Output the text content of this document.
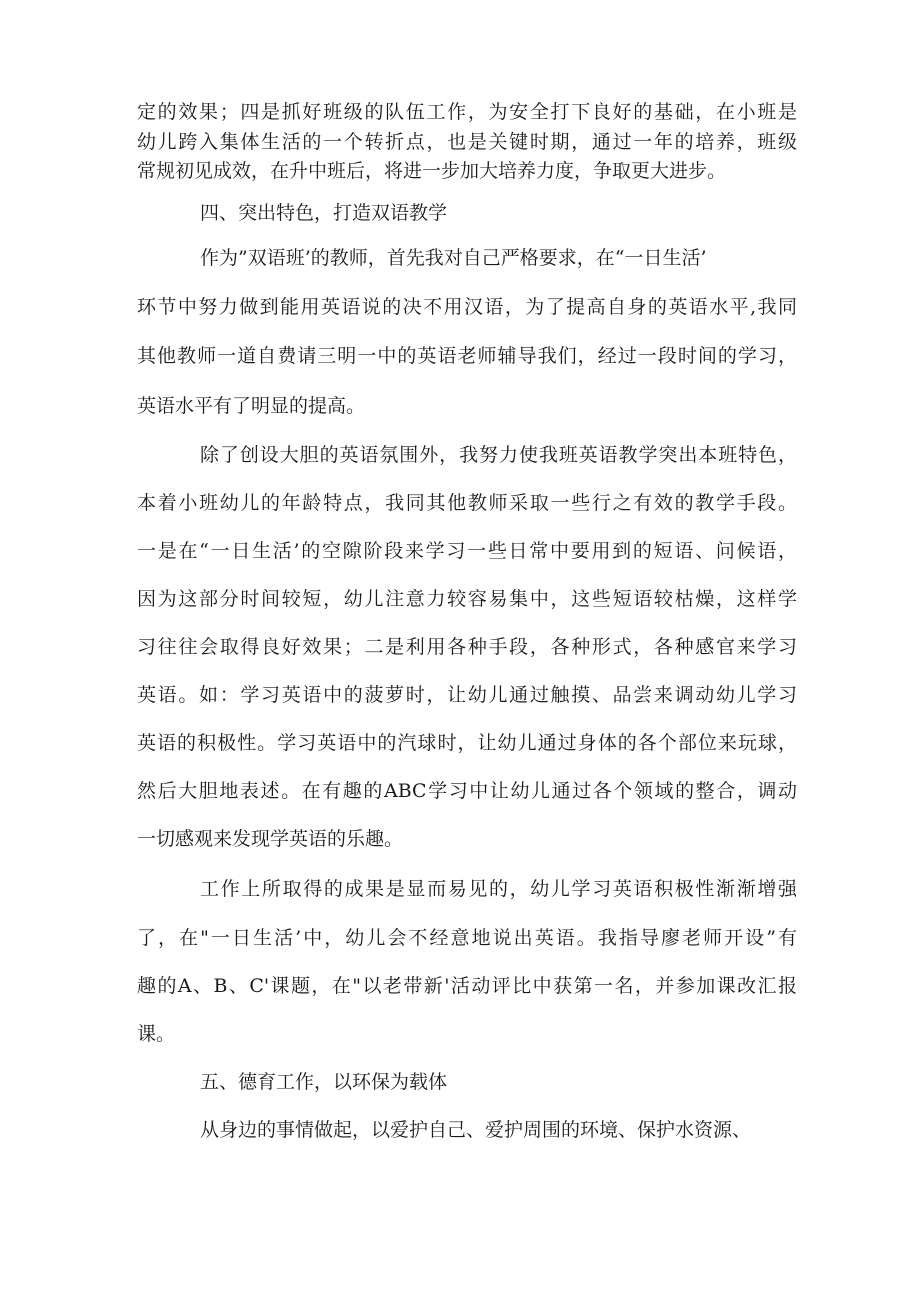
定的效果；四是抓好班级的队伍工作，为安全打下良好的基础，在小班是
幼儿跨入集体生活的一个转折点，也是关键时期，通过一年的培养，班级
常规初见成效，在升中班后，将进一步加大培养力度，争取更大进步。
四、突出特色，打造双语教学
作为”双语班’的教师，首先我对自己严格要求，在“一日生活’
环节中努力做到能用英语说的决不用汉语，为了提高自身的英语水平,我同
其他教师一道自费请三明一中的英语老师辅导我们，经过一段时间的学习，
英语水平有了明显的提高。
除了创设大胆的英语氛围外，我努力使我班英语教学突出本班特色，
本着小班幼儿的年龄特点，我同其他教师采取一些行之有效的教学手段。
一是在“一日生活’的空隙阶段来学习一些日常中要用到的短语、问候语，
因为这部分时间较短，幼儿注意力较容易集中，这些短语较枯燥，这样学
习往往会取得良好效果；二是利用各种手段，各种形式，各种感官来学习
英语。如：学习英语中的菠萝时，让幼儿通过触摸、品尝来调动幼儿学习
英语的积极性。学习英语中的汽球时，让幼儿通过身体的各个部位来玩球，
然后大胆地表述。在有趣的ABC学习中让幼儿通过各个领域的整合，调动
一切感观来发现学英语的乐趣。
工作上所取得的成果是显而易见的，幼儿学习英语积极性渐渐增强
了，在"一日生活’中，幼儿会不经意地说出英语。我指导廖老师开设”有
趣的A、B、C'课题，在"以老带新'活动评比中获第一名，并参加课改汇报
课。
五、德育工作，以环保为载体
从身边的事情做起，以爱护自己、爱护周围的环境、保护水资源、
